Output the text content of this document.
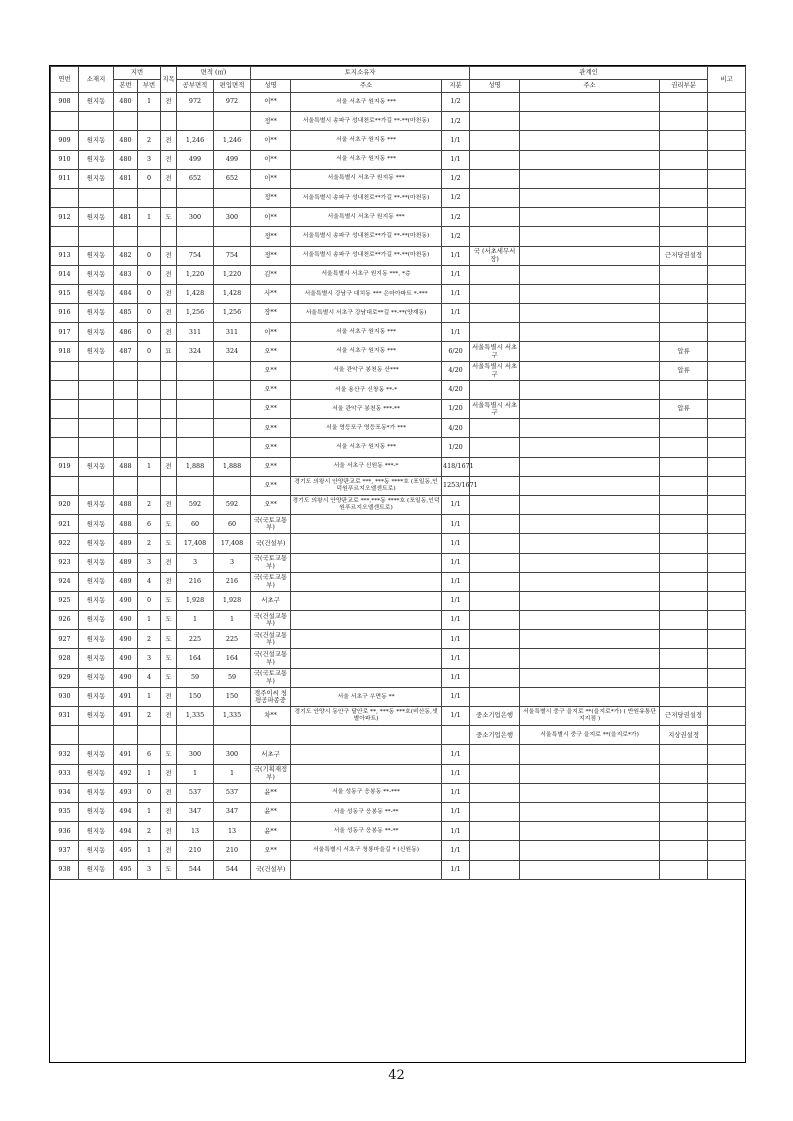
연번	소재지	지번		지목	면적 (㎡)		토지소유자			관계인			비고
		본번	부번		공부면적	편입면적	성명	주소	지분	성명	주소	권리부분	
908	원지동	480	1	전	972	972	이**	서울 서초구 원지동 ***	1/2				
							정**	서울특별시 송파구 성내천로**가길 **-**(마천동)	1/2				
909	원지동	480	2	전	1,246	1,246	이**	서울 서초구 원지동 ***	1/1				
910	원지동	480	3	전	499	499	이**	서울 서초구 원지동 ***	1/1				
911	원지동	481	0	전	652	652	이**	서울특별시 서초구 원지동 ***	1/2				
							정**	서울특별시 송파구 성내천로**가길 **-**(마천동)	1/2				
912	원지동	481	1	도	300	300	이**	서울특별시 서초구 원지동 ***	1/2				
							정**	서울특별시 송파구 성내천로**가길 **-**(마천동)	1/2				
913	원지동	482	0	전	754	754	정**	서울특별시 송파구 성내천로**가길 **-**(마천동)	1/1	국 (서초세무서장)		근저당권설정	
914	원지동	483	0	전	1,220	1,220	김**	서울특별시 서초구 원지동 ***, *층	1/1				
915	원지동	484	0	전	1,428	1,428	사**	서울특별시 강남구 대치동 *** 은마아파트 *-***	1/1				
916	원지동	485	0	전	1,256	1,256	장**	서울특별시 서초구 강남대로**길 **-**(양재동)	1/1				
917	원지동	486	0	전	311	311	이**	서울 서초구 원지동 ***	1/1				
918	원지동	487	0	묘	324	324	오**	서울 서초구 원지동 ***	6/20	서울특별시 서초구		압류	
							오**	서울 관악구 봉천동 산***	4/20	서울특별시 서초구		압류	
							오**	서울 용산구 신창동 **-*	4/20				
							오**	서울 관악구 봉천동 ***-**	1/20	서울특별시 서초구		압류	
							오**	서울 영등포구 영등포동*가 ***	4/20				
							오**	서울 서초구 원지동 ***	1/20				
919	원지동	488	1	전	1,888	1,888	오**	서울 서초구 신원동 ***-*	418/1671				
							오**	경기도 의왕시 안양판교로 ***, ***동 ****호 (포일동,인덕원푸르지오엘센트로)	1253/1671				
920	원지동	488	2	전	592	592	오**	경기도 의왕시 안양판교로 ***,***동 ****호 (포일동,인덕원푸르지오엘센트로)	1/1				
921	원지동	488	6	도	60	60	국(국토교통부)		1/1				
922	원지동	489	2	도	17,408	17,408	국(건설부)		1/1				
923	원지동	489	3	전	3	3	국(국토교통부)		1/1				
924	원지동	489	4	전	216	216	국(국토교통부)		1/1				
925	원지동	490	0	도	1,928	1,928	서초구		1/1				
926	원지동	490	1	도	1	1	국(건설교통부)		1/1				
927	원지동	490	2	도	225	225	국(건설교통부)		1/1				
928	원지동	490	3	도	164	164	국(건설교통부)		1/1				
929	원지동	490	4	도	59	59	국(국토교통부)		1/1				
930	원지동	491	1	전	150	150	경주이씨 청평공파종중	서울 서초구 우면동 **	1/1				
931	원지동	491	2	전	1,335	1,335	차**	경기도 안양시 동안구 달안로 **, ***동 ***호(비산동,샛별아파트)	1/1	중소기업은행	서울특별시 중구 을지로 **(을지로*가) ( 반원유통단지지점 )	근저당권설정	
										중소기업은행	서울특별시 중구 을지로 **(을지로*가)	지상권설정	
932	원지동	491	6	도	300	300	서초구		1/1				
933	원지동	492	1	전	1	1	국(기획재정부)		1/1				
934	원지동	493	0	전	537	537	윤**	서울 성동구 응봉동 **-***	1/1				
935	원지동	494	1	전	347	347	윤**	서울 성동구 응봉동 **-**	1/1				
936	원지동	494	2	전	13	13	윤**	서울 성동구 응봉동 **-**	1/1				
937	원지동	495	1	전	210	210	오**	서울특별시 서초구 청룡마을길 * (신원동)	1/1				
938	원지동	495	3	도	544	544	국(건설부)		1/1				
42
